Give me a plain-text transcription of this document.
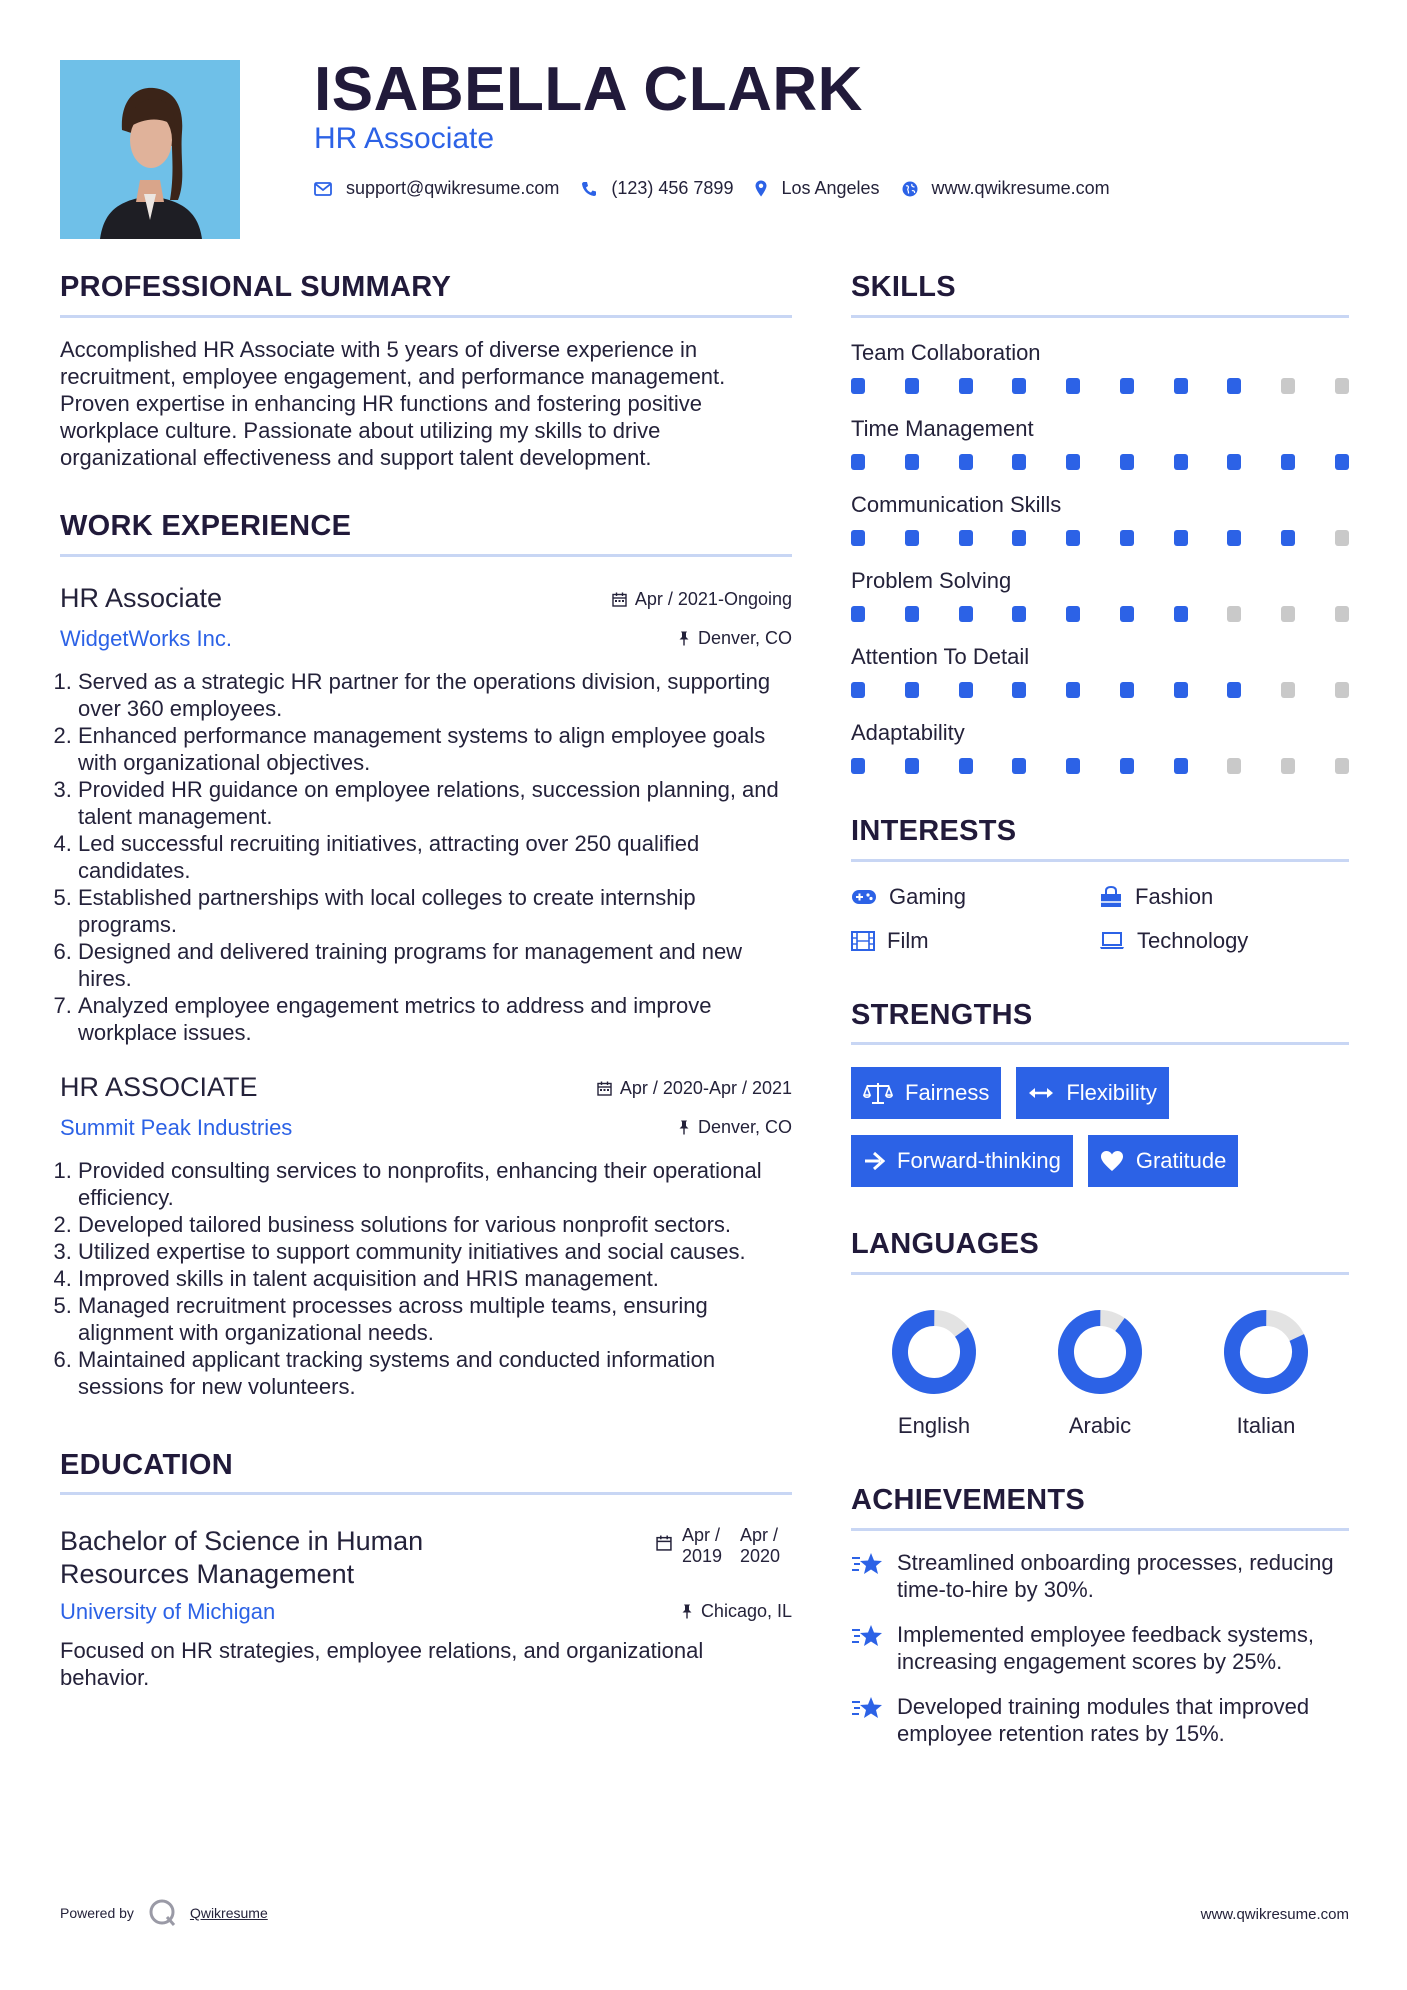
ISABELLA CLARK
HR Associate
support@qwikresume.com	(123) 456 7899	Los Angeles	www.qwikresume.com
PROFESSIONAL SUMMARY
Accomplished HR Associate with 5 years of diverse experience in recruitment, employee engagement, and performance management. Proven expertise in enhancing HR functions and fostering positive workplace culture. Passionate about utilizing my skills to drive organizational effectiveness and support talent development.
WORK EXPERIENCE
HR Associate	Apr / 2021-Ongoing
WidgetWorks Inc.	Denver, CO
1. Served as a strategic HR partner for the operations division, supporting over 360 employees.
2. Enhanced performance management systems to align employee goals with organizational objectives.
3. Provided HR guidance on employee relations, succession planning, and talent management.
4. Led successful recruiting initiatives, attracting over 250 qualified candidates.
5. Established partnerships with local colleges to create internship programs.
6. Designed and delivered training programs for management and new hires.
7. Analyzed employee engagement metrics to address and improve workplace issues.
HR ASSOCIATE	Apr / 2020-Apr / 2021
Summit Peak Industries	Denver, CO
1. Provided consulting services to nonprofits, enhancing their operational efficiency.
2. Developed tailored business solutions for various nonprofit sectors.
3. Utilized expertise to support community initiatives and social causes.
4. Improved skills in talent acquisition and HRIS management.
5. Managed recruitment processes across multiple teams, ensuring alignment with organizational needs.
6. Maintained applicant tracking systems and conducted information sessions for new volunteers.
EDUCATION
Bachelor of Science in Human Resources Management
Apr / 2019
Apr / 2020
University of Michigan	Chicago, IL
Focused on HR strategies, employee relations, and organizational behavior.
SKILLS
Team Collaboration
Time Management
Communication Skills
Problem Solving
Attention To Detail
Adaptability
INTERESTS
Gaming	Fashion
Film	Technology
STRENGTHS
Fairness	Flexibility
Forward-thinking	Gratitude
LANGUAGES
English	Arabic	Italian
ACHIEVEMENTS
Streamlined onboarding processes, reducing time-to-hire by 30%.
Implemented employee feedback systems, increasing engagement scores by 25%.
Developed training modules that improved employee retention rates by 15%.
Powered by	Qwikresume	www.qwikresume.com
